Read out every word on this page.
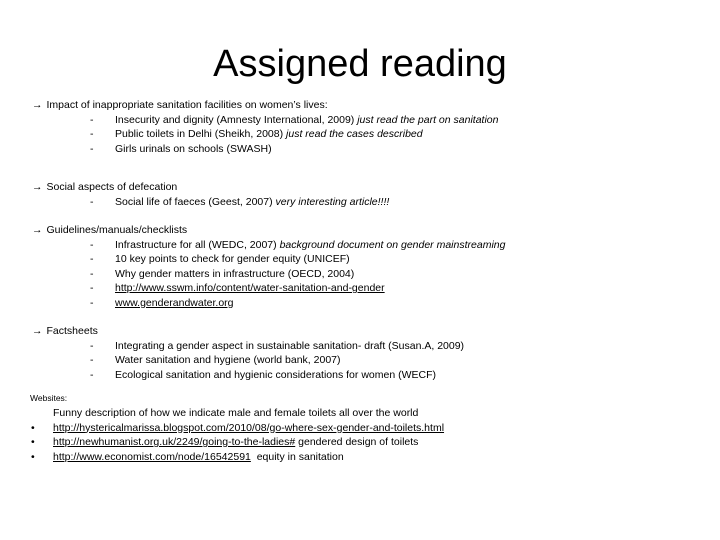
Assigned reading
→ Impact of inappropriate sanitation facilities on women’s lives:
- Insecurity and dignity (Amnesty International, 2009) just read the part on sanitation
- Public toilets in Delhi (Sheikh, 2008) just read the cases described
- Girls urinals on schools (SWASH)
→ Social aspects of defecation
- Social life of faeces (Geest, 2007) very interesting article!!!!
→ Guidelines/manuals/checklists
- Infrastructure for all (WEDC, 2007) background document on gender mainstreaming
- 10 key points to check for gender equity (UNICEF)
- Why gender matters in infrastructure (OECD, 2004)
- http://www.sswm.info/content/water-sanitation-and-gender
- www.genderandwater.org
→ Factsheets
- Integrating a gender aspect in sustainable sanitation- draft (Susan.A, 2009)
- Water sanitation and hygiene (world bank, 2007)
- Ecological sanitation and hygienic considerations for women (WECF)
Websites:
Funny description of how we indicate male and female toilets all over the world
• http://hystericalmarissa.blogspot.com/2010/08/go-where-sex-gender-and-toilets.html
• http://newhumanist.org.uk/2249/going-to-the-ladies# gendered design of toilets
• http://www.economist.com/node/16542591  equity in sanitation
